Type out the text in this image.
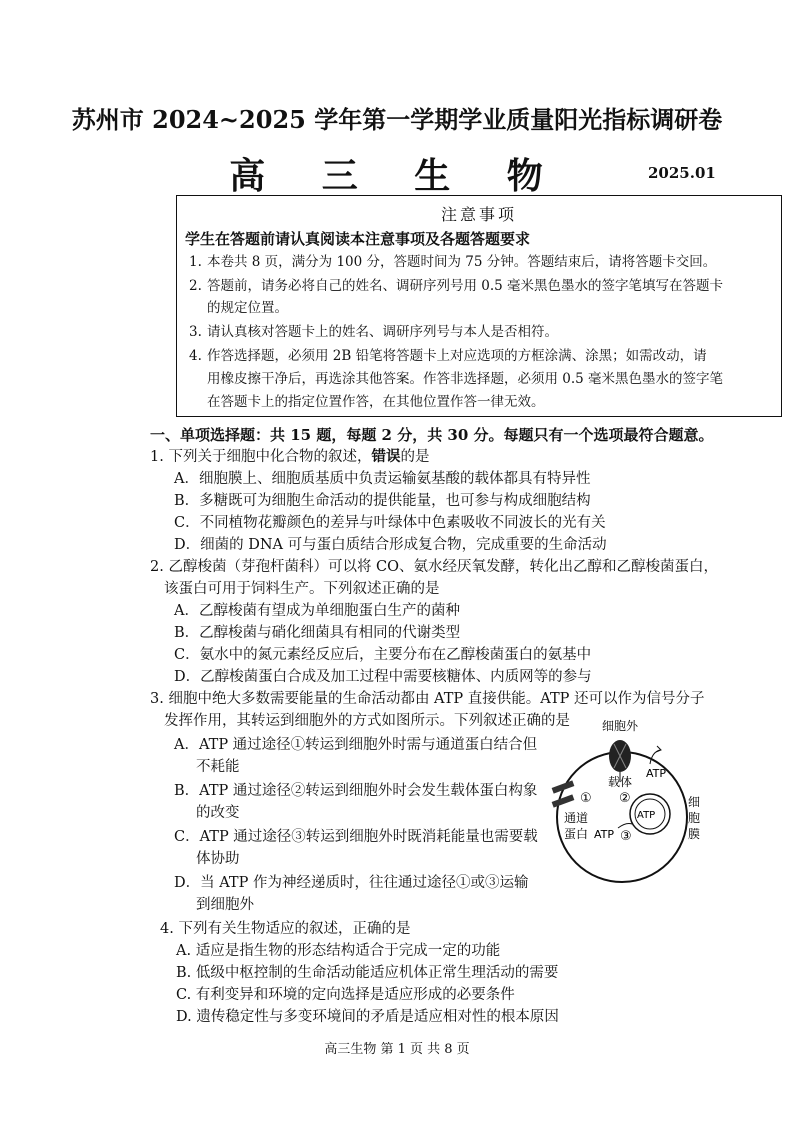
苏州市 2024~2025 学年第一学期学业质量阳光指标调研卷
高 三 生 物	2025.01
注意事项
学生在答题前请认真阅读本注意事项及各题答题要求
1. 本卷共 8 页，满分为 100 分，答题时间为 75 分钟。答题结束后，请将答题卡交回。
2. 答题前，请务必将自己的姓名、调研序列号用 0.5 毫米黑色墨水的签字笔填写在答题卡
的规定位置。
3. 请认真核对答题卡上的姓名、调研序列号与本人是否相符。
4. 作答选择题，必须用 2B 铅笔将答题卡上对应选项的方框涂满、涂黑；如需改动，请
用橡皮擦干净后，再选涂其他答案。作答非选择题，必须用 0.5 毫米黑色墨水的签字笔
在答题卡上的指定位置作答，在其他位置作答一律无效。
一、单项选择题：共 15 题，每题 2 分，共 30 分。每题只有一个选项最符合题意。
1. 下列关于细胞中化合物的叙述，错误的是
A．细胞膜上、细胞质基质中负责运输氨基酸的载体都具有特异性
B．多糖既可为细胞生命活动的提供能量，也可参与构成细胞结构
C．不同植物花瓣颜色的差异与叶绿体中色素吸收不同波长的光有关
D．细菌的 DNA 可与蛋白质结合形成复合物，完成重要的生命活动
2. 乙醇梭菌（芽孢杆菌科）可以将 CO、氨水经厌氧发酵，转化出乙醇和乙醇梭菌蛋白，
该蛋白可用于饲料生产。下列叙述正确的是
A．乙醇梭菌有望成为单细胞蛋白生产的菌种
B．乙醇梭菌与硝化细菌具有相同的代谢类型
C．氨水中的氮元素经反应后，主要分布在乙醇梭菌蛋白的氨基中
D．乙醇梭菌蛋白合成及加工过程中需要核糖体、内质网等的参与
3. 细胞中绝大多数需要能量的生命活动都由 ATP 直接供能。ATP 还可以作为信号分子
发挥作用，其转运到细胞外的方式如图所示。下列叙述正确的是
A．ATP 通过途径①转运到细胞外时需与通道蛋白结合但
不耗能
B．ATP 通过途径②转运到细胞外时会发生载体蛋白构象
的改变
C．ATP 通过途径③转运到细胞外时既消耗能量也需要载
体协助
D．当 ATP 作为神经递质时，往往通过途径①或③运输
到细胞外
细胞外
载体
②
ATP
ATP
①
通道
蛋白 ATP ③
细
胞
膜
4. 下列有关生物适应的叙述，正确的是
A. 适应是指生物的形态结构适合于完成一定的功能
B. 低级中枢控制的生命活动能适应机体正常生理活动的需要
C. 有利变异和环境的定向选择是适应形成的必要条件
D. 遗传稳定性与多变环境间的矛盾是适应相对性的根本原因
高三生物 第 1 页 共 8 页
